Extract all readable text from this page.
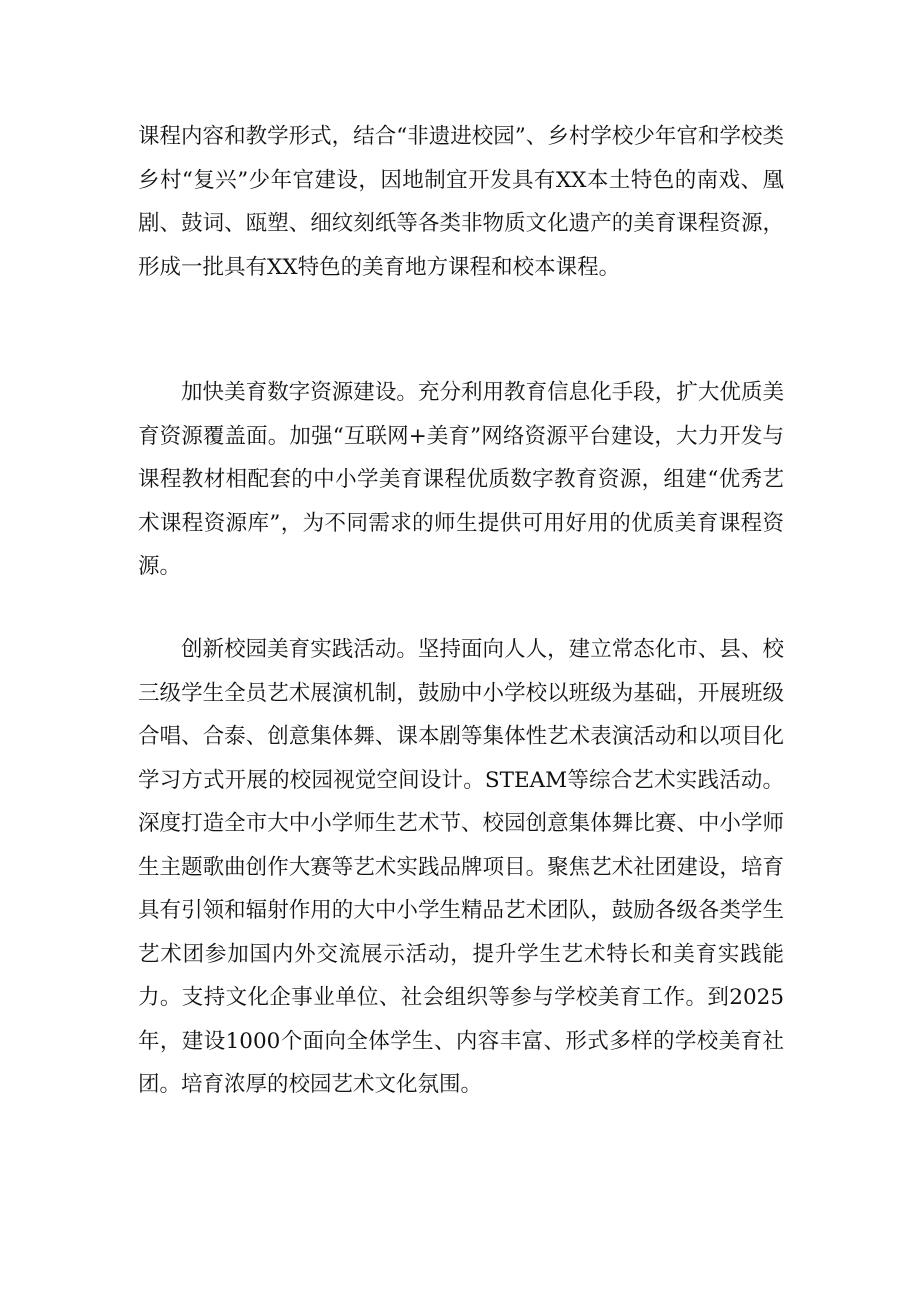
课程内容和教学形式，结合“非遗进校园”、乡村学校少年官和学校类乡村“复兴”少年官建设，因地制宜开发具有XX本土特色的南戏、凰剧、鼓词、瓯塑、细纹刻纸等各类非物质文化遗产的美育课程资源，形成一批具有XX特色的美育地方课程和校本课程。

加快美育数字资源建设。充分利用教育信息化手段，扩大优质美育资源覆盖面。加强“互联网+美育”网络资源平台建设，大力开发与课程教材相配套的中小学美育课程优质数字教育资源，组建“优秀艺术课程资源库”，为不同需求的师生提供可用好用的优质美育课程资源。

创新校园美育实践活动。坚持面向人人，建立常态化市、县、校三级学生全员艺术展演机制，鼓励中小学校以班级为基础，开展班级合唱、合泰、创意集体舞、课本剧等集体性艺术表演活动和以项目化学习方式开展的校园视觉空间设计。STEAM等综合艺术实践活动。深度打造全市大中小学师生艺术节、校园创意集体舞比赛、中小学师生主题歌曲创作大赛等艺术实践品牌项目。聚焦艺术社团建设，培育具有引领和辐射作用的大中小学生精品艺术团队，鼓励各级各类学生艺术团参加国内外交流展示活动，提升学生艺术特长和美育实践能力。支持文化企事业单位、社会组织等参与学校美育工作。到2025年，建设1000个面向全体学生、内容丰富、形式多样的学校美育社团。培育浓厚的校园艺术文化氛围。
